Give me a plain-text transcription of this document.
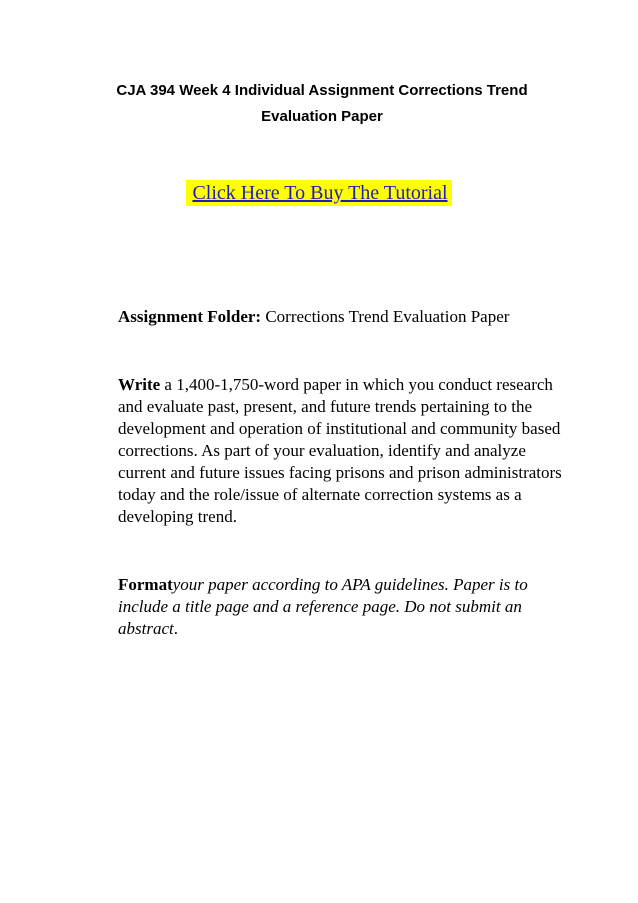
CJA 394 Week 4 Individual Assignment Corrections Trend Evaluation Paper
Click Here To Buy The Tutorial

Assignment Folder: Corrections Trend Evaluation Paper

Write a 1,400-1,750-word paper in which you conduct research and evaluate past, present, and future trends pertaining to the development and operation of institutional and community based corrections. As part of your evaluation, identify and analyze current and future issues facing prisons and prison administrators today and the role/issue of alternate correction systems as a developing trend.

Formatyour paper according to APA guidelines. Paper is to include a title page and a reference page. Do not submit an abstract.
